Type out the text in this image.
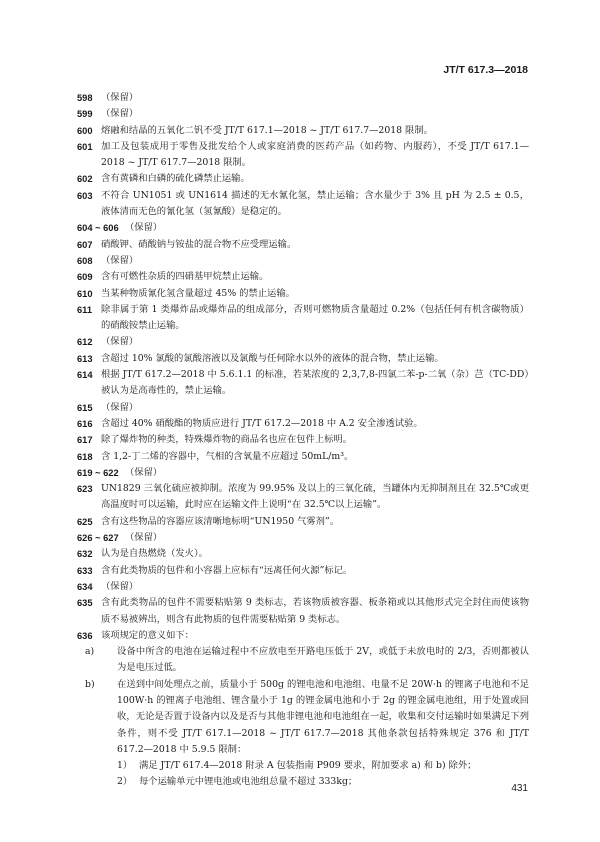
JT/T 617.3—2018
598 （保留）
599 （保留）
600 熔融和结晶的五氧化二钒不受 JT/T 617.1—2018 ~ JT/T 617.7—2018 限制。
601 加工及包装成用于零售及批发给个人或家庭消费的医药产品（如药物、内服药），不受 JT/T 617.1—2018 ~ JT/T 617.7—2018 限制。
602 含有黄磷和白磷的硫化磷禁止运输。
603 不符合 UN1051 或 UN1614 描述的无水氰化氢，禁止运输；含水量少于 3% 且 pH 为 2.5 ± 0.5，液体清而无色的氰化氢（氢氰酸）是稳定的。
604 ~ 606 （保留）
607 硝酸钾、硝酸钠与铵盐的混合物不应受理运输。
608 （保留）
609 含有可燃性杂质的四硝基甲烷禁止运输。
610 当某种物质氰化氢含量超过 45% 的禁止运输。
611 除非属于第 1 类爆炸品或爆炸品的组成部分，否则可燃物质含量超过 0.2%（包括任何有机含碳物质）的硝酸铵禁止运输。
612 （保留）
613 含超过 10% 氯酸的氯酸溶液以及氯酸与任何除水以外的液体的混合物，禁止运输。
614 根据 JT/T 617.2—2018 中 5.6.1.1 的标准，若某浓度的 2,3,7,8-四氯二苯-p-二氧（杂）芑（TC-DD）被认为是高毒性的，禁止运输。
615 （保留）
616 含超过 40% 硝酸酯的物质应进行 JT/T 617.2—2018 中 A.2 安全渗透试验。
617 除了爆炸物的种类，特殊爆炸物的商品名也应在包件上标明。
618 含 1,2-丁二烯的容器中，气相的含氧量不应超过 50mL/m³。
619 ~ 622 （保留）
623 UN1829 三氧化硫应被抑制。浓度为 99.95% 及以上的三氧化硫，当罐体内无抑制剂且在 32.5℃或更高温度时可以运输，此时应在运输文件上说明“在 32.5℃以上运输”。
625 含有这些物品的容器应该清晰地标明“UN1950 气雾剂”。
626 ~ 627 （保留）
632 认为是自热燃烧（发火）。
633 含有此类物质的包件和小容器上应标有“远离任何火源”标记。
634 （保留）
635 含有此类物品的包件不需要粘贴第 9 类标志，若该物质被容器、板条箱或以其他形式完全封住而使该物质不易被辨出，则含有此物质的包件需要粘贴第 9 类标志。
636 该项规定的意义如下：
a)	设备中所含的电池在运输过程中不应放电至开路电压低于 2V，或低于未放电时的 2/3，否则都被认为是电压过低。
b)	在送到中间处理点之前，质量小于 500g 的锂电池和电池组、电量不足 20W·h 的锂离子电池和不足 100W·h 的锂离子电池组、锂含量小于 1g 的锂金属电池和小于 2g 的锂金属电池组，用于处置或回收，无论是否置于设备内以及是否与其他非锂电池和电池组在一起，收集和交付运输时如果满足下列条件，则不受 JT/T 617.1—2018 ~ JT/T 617.7—2018 其他条款包括特殊规定 376 和 JT/T 617.2—2018 中 5.9.5 限制：
1） 满足 JT/T 617.4—2018 附录 A 包装指南 P909 要求，附加要求 a) 和 b) 除外；
2） 每个运输单元中锂电池或电池组总量不超过 333kg；
431
